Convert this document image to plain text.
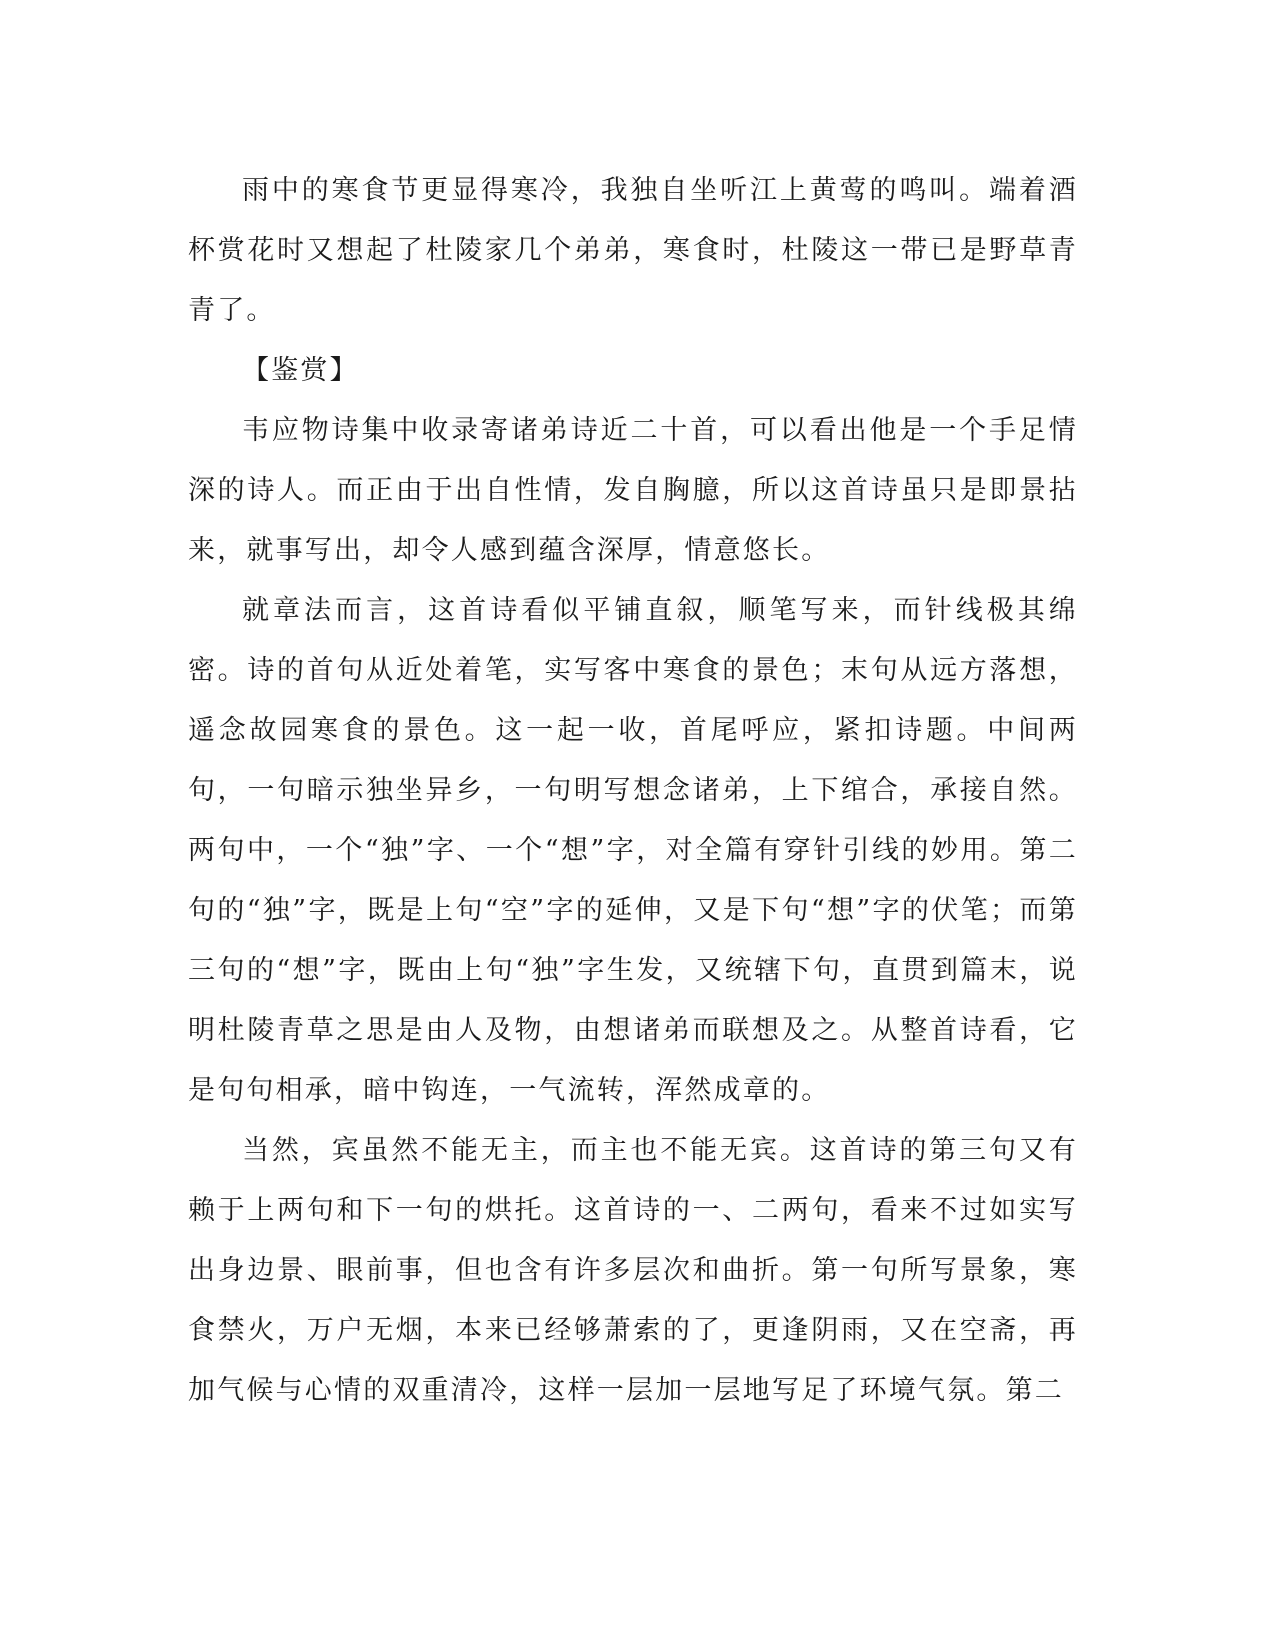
雨中的寒食节更显得寒冷，我独自坐听江上黄莺的鸣叫。端着酒杯赏花时又想起了杜陵家几个弟弟，寒食时，杜陵这一带已是野草青青了。

【鉴赏】

韦应物诗集中收录寄诸弟诗近二十首，可以看出他是一个手足情深的诗人。而正由于出自性情，发自胸臆，所以这首诗虽只是即景拈来，就事写出，却令人感到蕴含深厚，情意悠长。

就章法而言，这首诗看似平铺直叙，顺笔写来，而针线极其绵密。诗的首句从近处着笔，实写客中寒食的景色；末句从远方落想，遥念故园寒食的景色。这一起一收，首尾呼应，紧扣诗题。中间两句，一句暗示独坐异乡，一句明写想念诸弟，上下绾合，承接自然。两句中，一个“独”字、一个“想”字，对全篇有穿针引线的妙用。第二句的“独”字，既是上句“空”字的延伸，又是下句“想”字的伏笔；而第三句的“想”字，既由上句“独”字生发，又统辖下句，直贯到篇末，说明杜陵青草之思是由人及物，由想诸弟而联想及之。从整首诗看，它是句句相承，暗中钩连，一气流转，浑然成章的。

当然，宾虽然不能无主，而主也不能无宾。这首诗的第三句又有赖于上两句和下一句的烘托。这首诗的一、二两句，看来不过如实写出身边景、眼前事，但也含有许多层次和曲折。第一句所写景象，寒食禁火，万户无烟，本来已经够萧索的了，更逢阴雨，又在空斋，再加气候与心情的双重清冷，这样一层加一层地写足了环境气氛。第二
